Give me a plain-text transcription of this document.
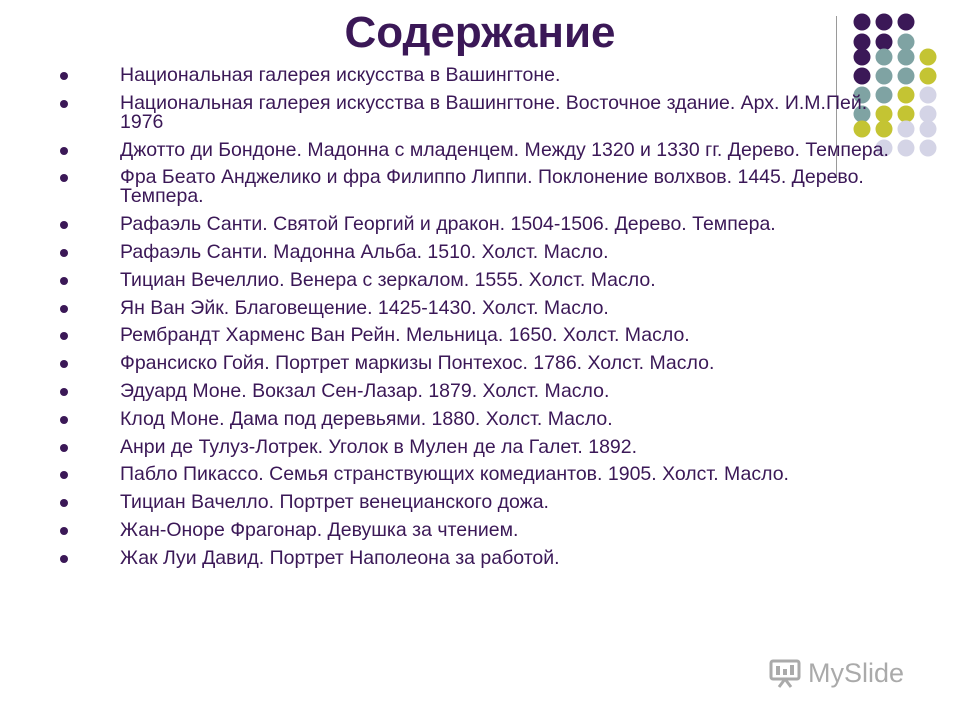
Содержание
Национальная галерея искусства в Вашингтоне.
Национальная галерея искусства в Вашингтоне. Восточное здание. Арх. И.М.Пей. 1976
Джотто ди Бондоне. Мадонна с младенцем. Между 1320 и 1330 гг. Дерево. Темпера.
Фра Беато Анджелико и фра Филиппо Липпи. Поклонение волхвов. 1445. Дерево. Темпера.
Рафаэль Санти. Святой Георгий и дракон. 1504-1506. Дерево. Темпера.
Рафаэль Санти. Мадонна Альба. 1510. Холст. Масло.
Тициан Вечеллио. Венера с зеркалом. 1555. Холст. Масло.
Ян Ван Эйк. Благовещение. 1425-1430. Холст. Масло.
Рембрандт Харменс Ван Рейн. Мельница. 1650. Холст. Масло.
Франсиско Гойя. Портрет маркизы Понтехос. 1786. Холст. Масло.
Эдуард Моне. Вокзал Сен-Лазар. 1879. Холст. Масло.
Клод Моне. Дама под деревьями. 1880. Холст. Масло.
Анри де Тулуз-Лотрек. Уголок в Мулен де ла Галет. 1892.
Пабло Пикассо. Семья странствующих комедиантов. 1905. Холст. Масло.
Тициан Вачелло. Портрет венецианского дожа.
Жан-Оноре Фрагонар. Девушка за чтением.
Жак Луи Давид. Портрет Наполеона за работой.
MySlide
